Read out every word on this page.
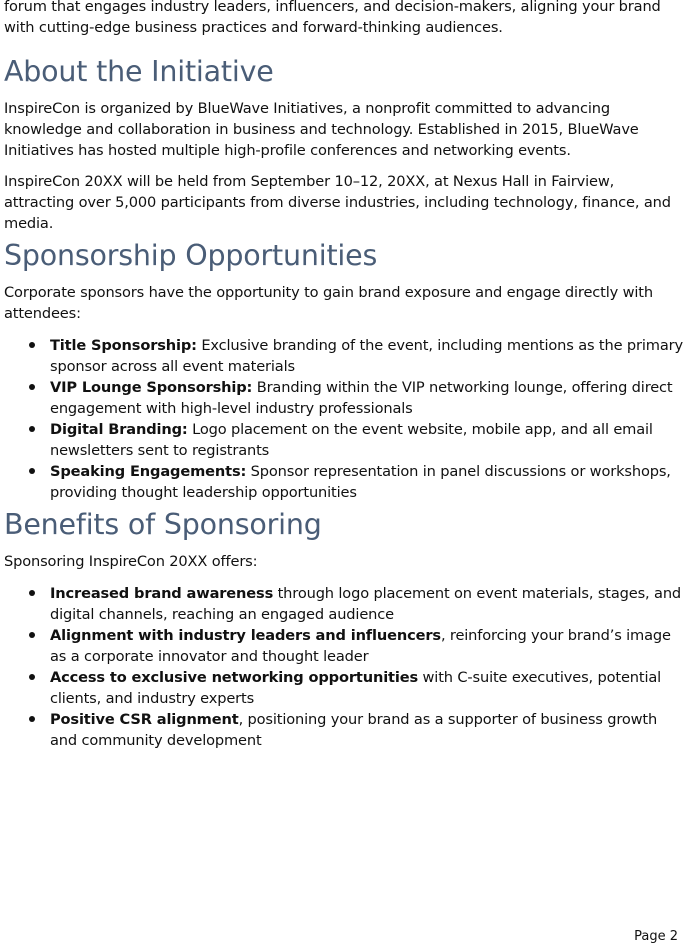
forum that engages industry leaders, influencers, and decision-makers, aligning your brand with cutting-edge business practices and forward-thinking audiences.

About the Initiative

InspireCon is organized by BlueWave Initiatives, a nonprofit committed to advancing knowledge and collaboration in business and technology. Established in 2015, BlueWave Initiatives has hosted multiple high-profile conferences and networking events.

InspireCon 20XX will be held from September 10–12, 20XX, at Nexus Hall in Fairview, attracting over 5,000 participants from diverse industries, including technology, finance, and media.

Sponsorship Opportunities

Corporate sponsors have the opportunity to gain brand exposure and engage directly with attendees:

Title Sponsorship: Exclusive branding of the event, including mentions as the primary sponsor across all event materials
VIP Lounge Sponsorship: Branding within the VIP networking lounge, offering direct engagement with high-level industry professionals
Digital Branding: Logo placement on the event website, mobile app, and all email newsletters sent to registrants
Speaking Engagements: Sponsor representation in panel discussions or workshops, providing thought leadership opportunities
Benefits of Sponsoring

Sponsoring InspireCon 20XX offers:

Increased brand awareness through logo placement on event materials, stages, and digital channels, reaching an engaged audience
Alignment with industry leaders and influencers, reinforcing your brand’s image as a corporate innovator and thought leader
Access to exclusive networking opportunities with C-suite executives, potential clients, and industry experts
Positive CSR alignment, positioning your brand as a supporter of business growth and community development
Page 2
